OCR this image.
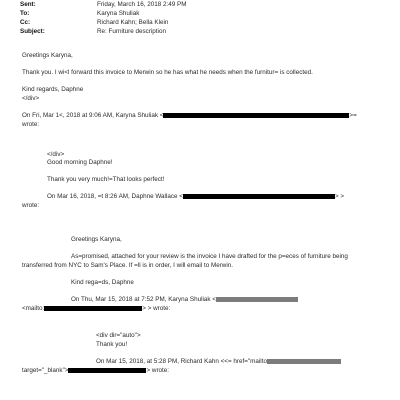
Sent:	Friday, March 16, 2018 2:49 PM
To:	Karyna Shuliak
Cc:	Richard Kahn; Bella Klein
Subject:	Re: Furniture description
Greetings Karyna,
Thank you. I wi<l forward this invoice to Merwin so he has what he needs when the furnitur= is collected.
Kind regards, Daphne
</div>
On Fri, Mar 1<, 2018 at 9:06 AM, Karyna Shuliak <	>=
wrote:
</div>
Good morning Daphne!
Thank you very much!=That looks perfect!
On Mar 16, 2018, =t 8:26 AM, Daphne Wallace <	> >
wrote:
Greetings Karyna,
As=promised, attached for your review is the invoice I have drafted for the p=eces of furniture being
transferred from NYC to Sam's Place. If =ll is in order, I will email to Merwin.
Kind rega=ds, Daphne
On Thu, Mar 15, 2018 at 7:52 PM, Karyna Shuliak <
<mailto:	> > wrote:
<div dir="auto">
Thank you!
On Mar 15, 2018, at 5:28 PM, Richard Kahn <<= href="mailto
target="_blank">	> wrote:
